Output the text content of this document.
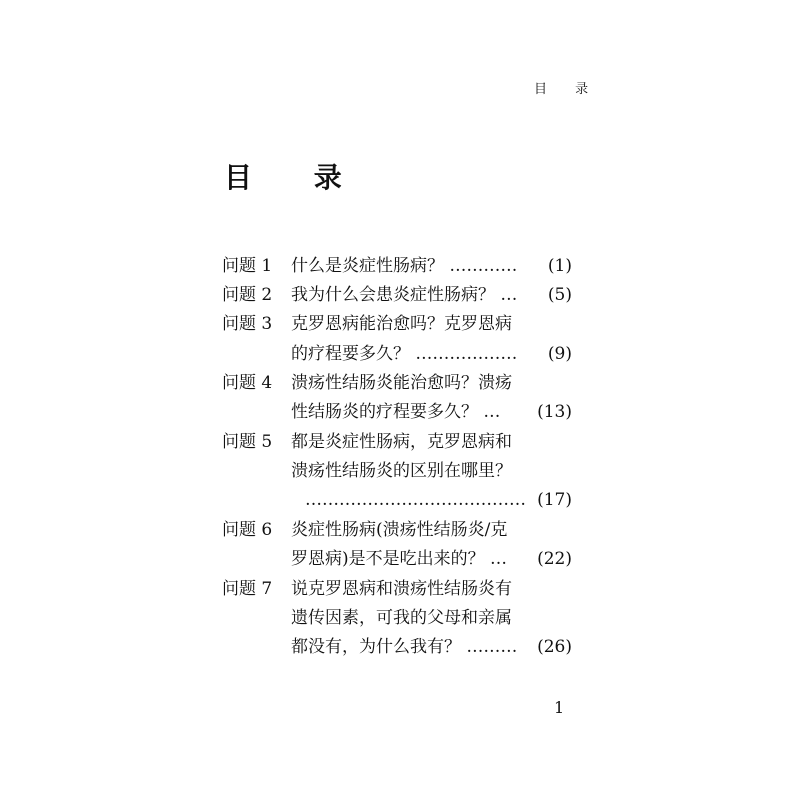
目 录
目 录
问题 1 什么是炎症性肠病？ ………… (1)
问题 2 我为什么会患炎症性肠病？ … (5)
问题 3 克罗恩病能治愈吗？克罗恩病
的疗程要多久？ ……………… (9)
问题 4 溃疡性结肠炎能治愈吗？溃疡
性结肠炎的疗程要多久？ … (13)
问题 5 都是炎症性肠病，克罗恩病和
溃疡性结肠炎的区别在哪里？
………………………………… (17)
问题 6 炎症性肠病(溃疡性结肠炎/克
罗恩病)是不是吃出来的？ … (22)
问题 7 说克罗恩病和溃疡性结肠炎有
遗传因素，可我的父母和亲属
都没有，为什么我有？ ……… (26)
1
